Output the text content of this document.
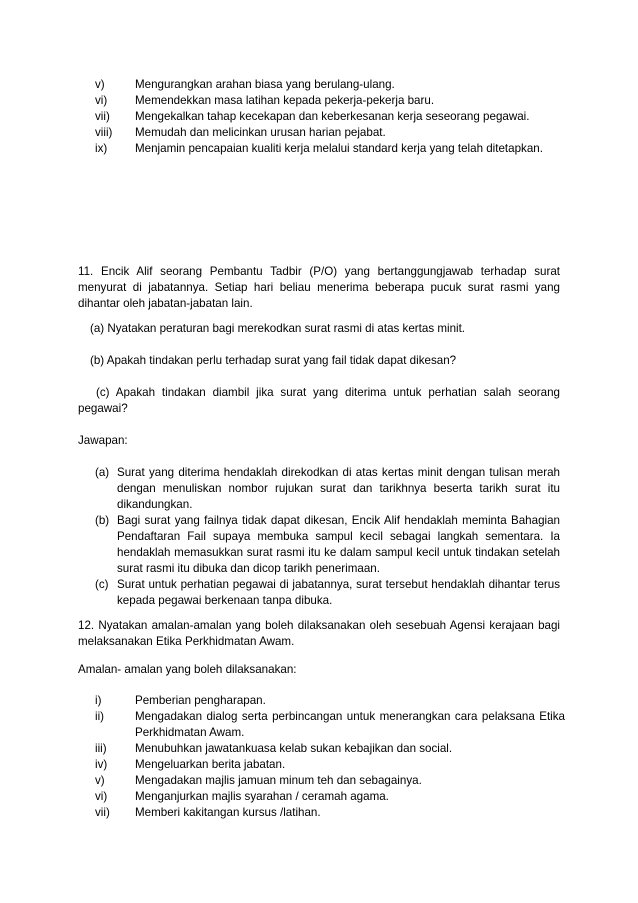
v)	Mengurangkan arahan biasa yang berulang-ulang.
vi)	Memendekkan masa latihan kepada pekerja-pekerja baru.
vii)	Mengekalkan tahap kecekapan dan keberkesanan kerja seseorang pegawai.
viii)	Memudah dan melicinkan urusan harian pejabat.
ix)	Menjamin pencapaian kualiti kerja melalui standard kerja yang telah ditetapkan.

11. Encik Alif seorang Pembantu Tadbir (P/O) yang bertanggungjawab terhadap surat menyurat di jabatannya. Setiap hari beliau menerima beberapa pucuk surat rasmi yang dihantar oleh jabatan-jabatan lain.

(a) Nyatakan peraturan bagi merekodkan surat rasmi di atas kertas minit.

(b) Apakah tindakan perlu terhadap surat yang fail tidak dapat dikesan?

(c) Apakah tindakan diambil jika surat yang diterima untuk perhatian salah seorang pegawai?

Jawapan:

(a) Surat yang diterima hendaklah direkodkan di atas kertas minit dengan tulisan merah dengan menuliskan nombor rujukan surat dan tarikhnya beserta tarikh surat itu dikandungkan.
(b) Bagi surat yang failnya tidak dapat dikesan, Encik Alif hendaklah meminta Bahagian Pendaftaran Fail supaya membuka sampul kecil sebagai langkah sementara. Ia hendaklah memasukkan surat rasmi itu ke dalam sampul kecil untuk tindakan setelah surat rasmi itu dibuka dan dicop tarikh penerimaan.
(c) Surat untuk perhatian pegawai di jabatannya, surat tersebut hendaklah dihantar terus kepada pegawai berkenaan tanpa dibuka.

12. Nyatakan amalan-amalan yang boleh dilaksanakan oleh sesebuah Agensi kerajaan bagi melaksanakan Etika Perkhidmatan Awam.

Amalan- amalan yang boleh dilaksanakan:

i)	Pemberian pengharapan.
ii)	Mengadakan dialog serta perbincangan untuk menerangkan cara pelaksana Etika Perkhidmatan Awam.
iii)	Menubuhkan jawatankuasa kelab sukan kebajikan dan social.
iv)	Mengeluarkan berita jabatan.
v)	Mengadakan majlis jamuan minum teh dan sebagainya.
vi)	Menganjurkan majlis syarahan / ceramah agama.
vii)	Memberi kakitangan kursus /latihan.
